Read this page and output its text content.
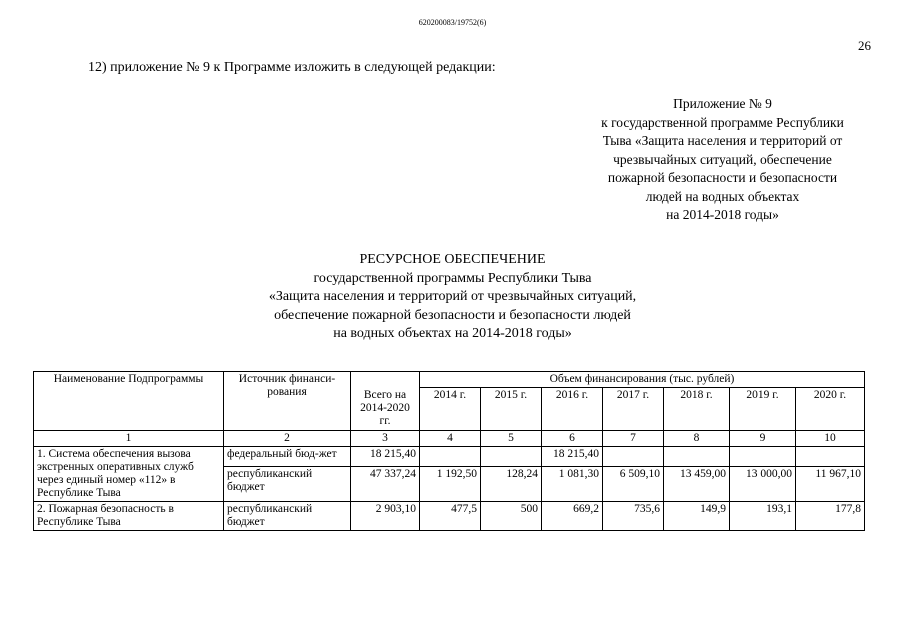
620200083/19752(6)
26
12) приложение № 9 к Программе изложить в следующей редакции:
Приложение № 9
к государственной программе Республики
Тыва «Защита населения и территорий от
чрезвычайных ситуаций, обеспечение
пожарной безопасности и безопасности
людей на водных объектах
на 2014-2018 годы»
РЕСУРСНОЕ ОБЕСПЕЧЕНИЕ
государственной программы Республики Тыва
«Защита населения и территорий от чрезвычайных ситуаций,
обеспечение пожарной безопасности и безопасности людей
на водных объектах на 2014-2018 годы»
Наименование Подпрограммы	Источник финанси-рования		Объем финансирования (тыс. рублей)						
		Всего на 2014-2020 гг.	2014 г.	2015 г.	2016 г.	2017 г.	2018 г.	2019 г.	2020 г.
1	2	3	4	5	6	7	8	9	10
1. Система обеспечения вызова экстренных оперативных служб через единый номер «112» в Республике Тыва	федеральный бюд-жет	18 215,40			18 215,40				
	республиканский бюджет	47 337,24	1 192,50	128,24	1 081,30	6 509,10	13 459,00	13 000,00	11 967,10
2. Пожарная безопасность в Республике Тыва	республиканский бюджет	2 903,10	477,5	500	669,2	735,6	149,9	193,1	177,8
